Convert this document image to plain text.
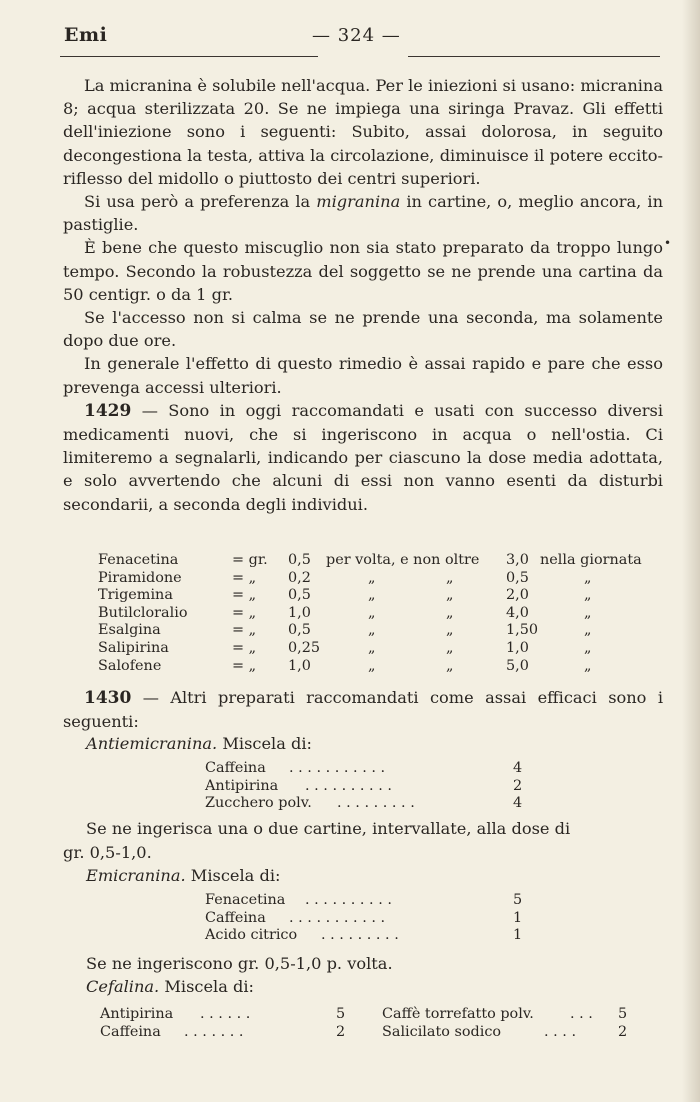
Emi	— 324 —
•

La micranina è solubile nell'acqua. Per le iniezioni si usano: micranina 8; acqua sterilizzata 20. Se ne impiega una siringa Pravaz. Gli effetti dell'iniezione sono i seguenti: Subito, assai dolorosa, in seguito decongestiona la testa, attiva la circolazione, diminuisce il potere eccito-riflesso del midollo o piuttosto dei centri superiori.

Si usa però a preferenza la migranina in cartine, o, meglio ancora, in pastiglie.

È bene che questo miscuglio non sia stato preparato da troppo lungo tempo. Secondo la robustezza del soggetto se ne prende una cartina da 50 centigr. o da 1 gr.

Se l'accesso non si calma se ne prende una seconda, ma solamente dopo due ore.

In generale l'effetto di questo rimedio è assai rapido e pare che esso prevenga accessi ulteriori.

1429 — Sono in oggi raccomandati e usati con successo diversi medicamenti nuovi, che si ingeriscono in acqua o nell'ostia. Ci limiteremo a segnalarli, indicando per ciascuno la dose media adottata, e solo avvertendo che alcuni di essi non vanno esenti da disturbi secondarii, a seconda degli individui.

Fenacetina	= gr. 0,5 per volta, e non oltre 3,0 nella giornata
Piramidone	= „ 0,2	„	„	0,5	„
Trigemina	= „ 0,5	„	„	2,0	„
Butilcloralio	= „ 1,0	„	„	4,0	„
Esalgina	= „ 0,5	„	„	1,50	„
Salipirina	= „ 0,25	„	„	1,0	„
Salofene	= „ 1,0	„	„	5,0	„

1430 — Altri preparati raccomandati come assai efficaci sono i seguenti:

Antiemicranina. Miscela di:
Caffeina . . . . . . . . . . .	4
Antipirina . . . . . . . . . .	2
Zucchero polv. . . . . . . . . .	4
Se ne ingerisca una o due cartine, intervallate, alla dose di
gr. 0,5-1,0.

Emicranina. Miscela di:
Fenacetina . . . . . . . . . .	5
Caffeina . . . . . . . . . . .	1
Acido citrico . . . . . . . . .	1
Se ne ingeriscono gr. 0,5-1,0 p. volta.
Cefalina. Miscela di:
Antipirina . . . . . .	5	Caffè torrefatto polv.	. . . 5
Caffeina . . . . . . .	2	Salicilato sodico	. . . .	2
